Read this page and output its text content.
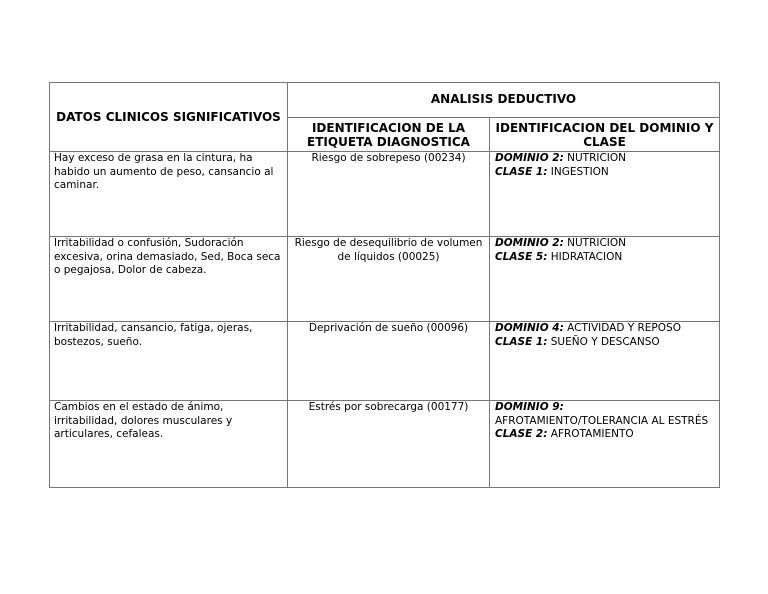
DATOS CLINICOS SIGNIFICATIVOS	ANALISIS DEDUCTIVO	
	IDENTIFICACION DE LA ETIQUETA DIAGNOSTICA	IDENTIFICACION DEL DOMINIO Y CLASE
Hay exceso de grasa en la cintura, ha habido un aumento de peso, cansancio al caminar.	Riesgo de sobrepeso (00234)	DOMINIO 2: NUTRICION
CLASE 1: INGESTION

Irritabilidad o confusión, Sudoración excesiva, orina demasiado, Sed, Boca seca o pegajosa, Dolor de cabeza.	Riesgo de desequilibrio de volumen de líquidos (00025)	DOMINIO 2: NUTRICION
CLASE 5: HIDRATACION

Irritabilidad, cansancio, fatiga, ojeras, bostezos, sueño.	Deprivación de sueño (00096)	DOMINIO 4: ACTIVIDAD Y REPOSO
CLASE 1: SUEÑO Y DESCANSO

Cambios en el estado de ánimo, irritabilidad, dolores musculares y articulares, cefaleas.	Estrés por sobrecarga (00177)	DOMINIO 9:
AFROTAMIENTO/TOLERANCIA AL ESTRÉS
CLASE 2: AFROTAMIENTO
